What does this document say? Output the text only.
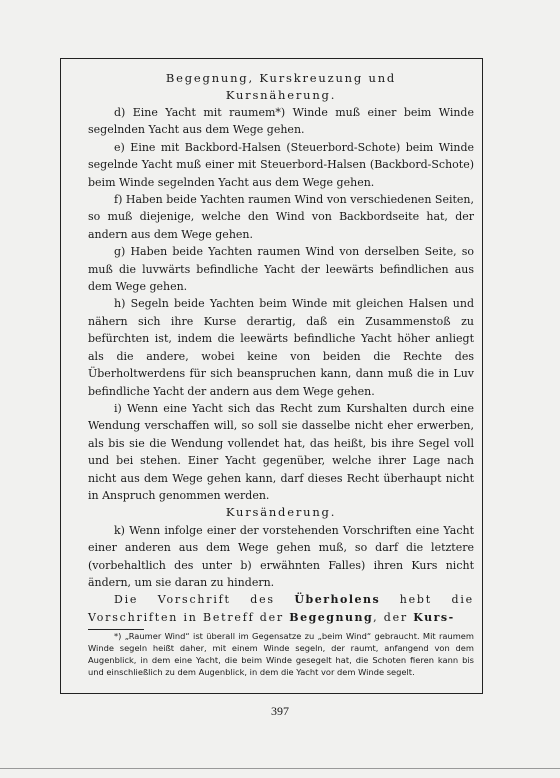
Begegnung, Kurskreuzung und
Kursnäherung.

d) Eine Yacht mit raumem*) Winde muß einer beim Winde segelnden Yacht aus dem Wege gehen.

e) Eine mit Backbord-Halsen (Steuerbord-Schote) beim Winde segelnde Yacht muß einer mit Steuerbord-Halsen (Backbord-Schote) beim Winde segelnden Yacht aus dem Wege gehen.

f) Haben beide Yachten raumen Wind von verschiedenen Seiten, so muß diejenige, welche den Wind von Backbordseite hat, der andern aus dem Wege gehen.

g) Haben beide Yachten raumen Wind von derselben Seite, so muß die luvwärts befindliche Yacht der leewärts befindlichen aus dem Wege gehen.

h) Segeln beide Yachten beim Winde mit gleichen Halsen und nähern sich ihre Kurse derartig, daß ein Zusammenstoß zu befürchten ist, indem die leewärts befindliche Yacht höher anliegt als die andere, wobei keine von beiden die Rechte des Überholtwerdens für sich beanspruchen kann, dann muß die in Luv befindliche Yacht der andern aus dem Wege gehen.

i) Wenn eine Yacht sich das Recht zum Kurshalten durch eine Wendung verschaffen will, so soll sie dasselbe nicht eher erwerben, als bis sie die Wendung vollendet hat, das heißt, bis ihre Segel voll und bei stehen. Einer Yacht gegenüber, welche ihrer Lage nach nicht aus dem Wege gehen kann, darf dieses Recht überhaupt nicht in Anspruch genommen werden.

Kursänderung.

k) Wenn infolge einer der vorstehenden Vorschriften eine Yacht einer anderen aus dem Wege gehen muß, so darf die letztere (vorbehaltlich des unter b) erwähnten Falles) ihren Kurs nicht ändern, um sie daran zu hindern.

Die Vorschrift des Überholens hebt die Vorschriften in Betreff der Begegnung, der Kurs-

*) „Raumer Wind“ ist überall im Gegensatze zu „beim Wind“ gebraucht. Mit raumem Winde segeln heißt daher, mit einem Winde segeln, der raumt, anfangend von dem Augenblick, in dem eine Yacht, die beim Winde gesegelt hat, die Schoten fieren kann bis und einschließlich zu dem Augenblick, in dem die Yacht vor dem Winde segelt.

397
